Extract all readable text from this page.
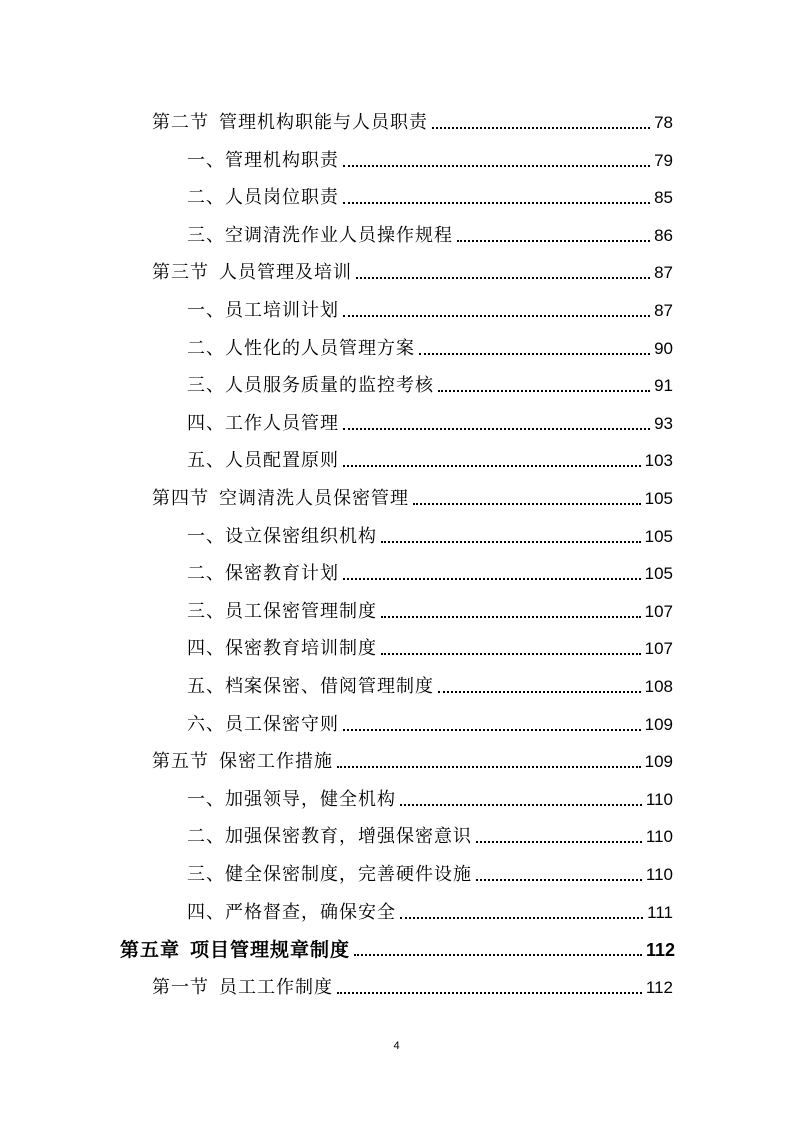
第二节 管理机构职能与人员职责	78
一、管理机构职责	79
二、人员岗位职责	85
三、空调清洗作业人员操作规程	86
第三节 人员管理及培训	87
一、员工培训计划	87
二、人性化的人员管理方案	90
三、人员服务质量的监控考核	91
四、工作人员管理	93
五、人员配置原则	103
第四节 空调清洗人员保密管理	105
一、设立保密组织机构	105
二、保密教育计划	105
三、员工保密管理制度	107
四、保密教育培训制度	107
五、档案保密、借阅管理制度	108
六、员工保密守则	109
第五节 保密工作措施	109
一、加强领导，健全机构	110
二、加强保密教育，增强保密意识	110
三、健全保密制度，完善硬件设施	110
四、严格督查，确保安全	111
第五章 项目管理规章制度	112
第一节 员工工作制度	112
4
